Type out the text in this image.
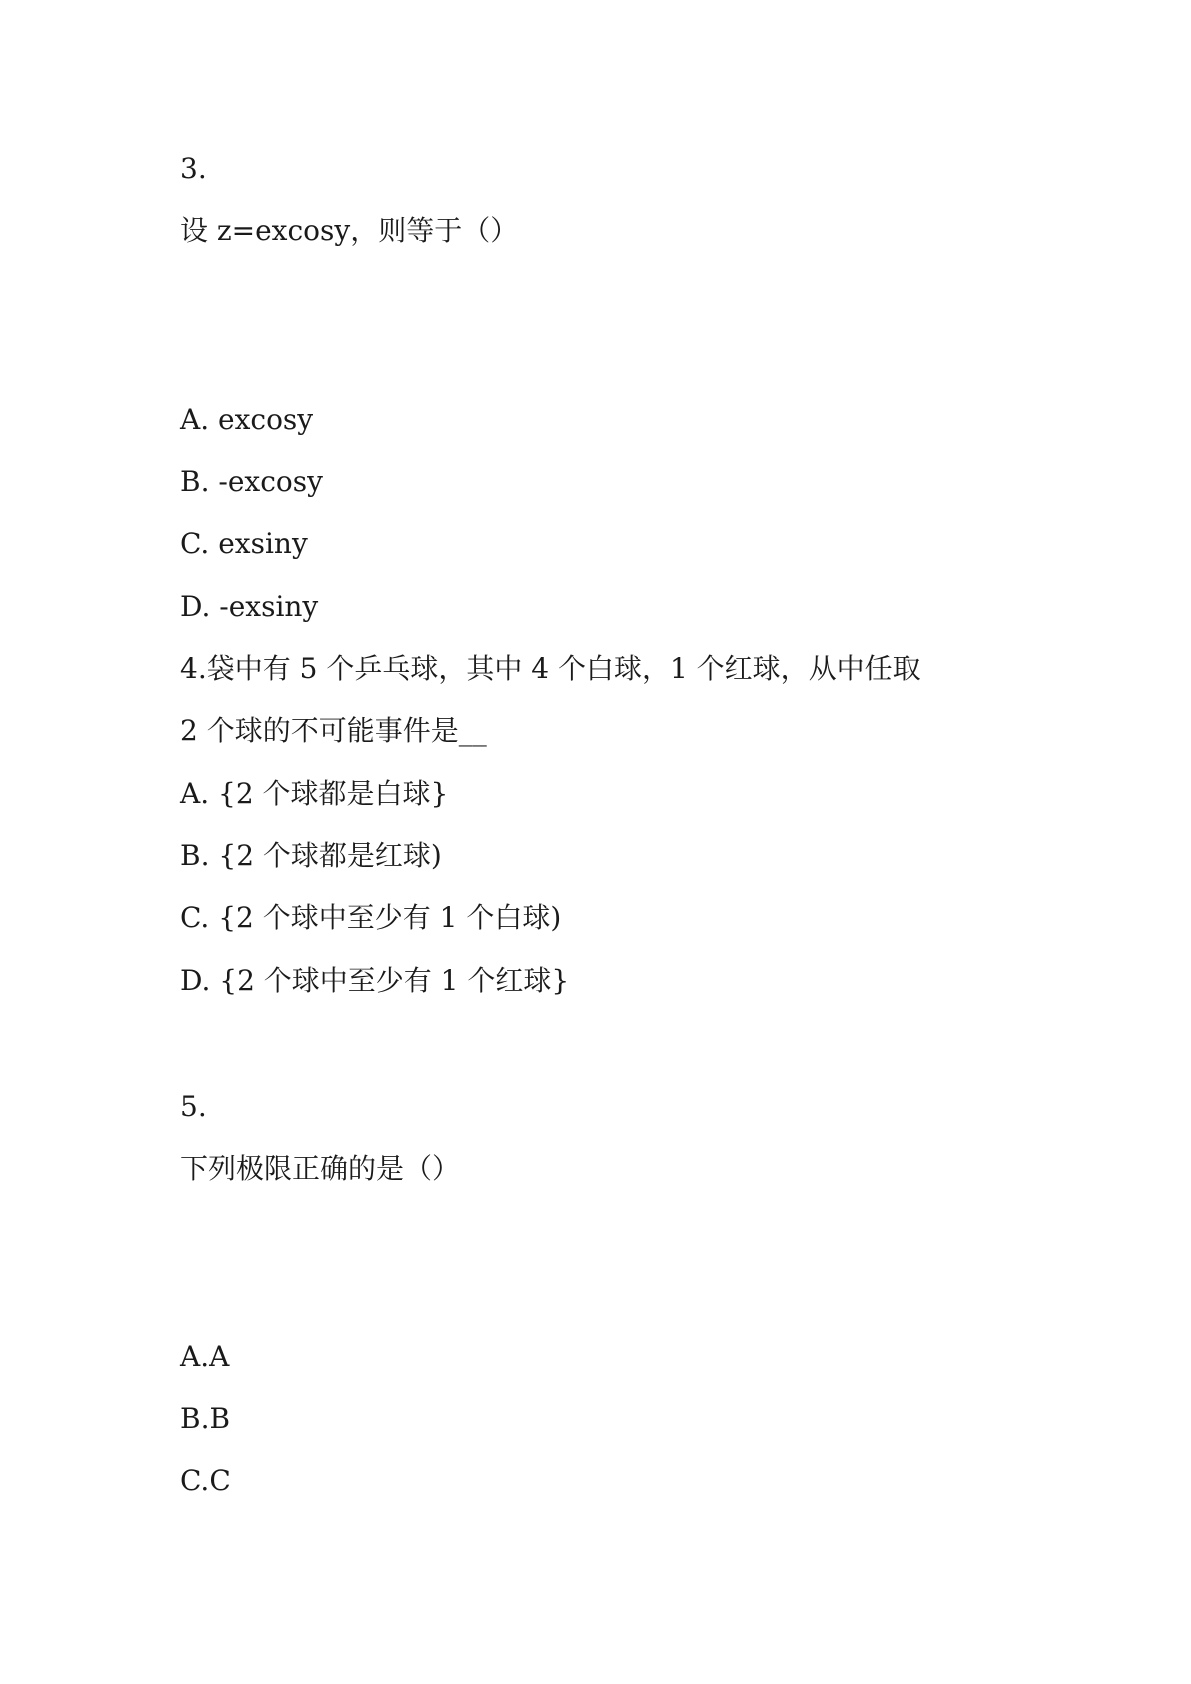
3.
设 z=excosy，则等于（）
A. excosy
B. -excosy
C. exsiny
D. -exsiny
4.袋中有 5 个乒乓球，其中 4 个白球，1 个红球，从中任取
2 个球的不可能事件是__
A. {2 个球都是白球}
B. {2 个球都是红球)
C. {2 个球中至少有 1 个白球)
D. {2 个球中至少有 1 个红球}
5.
下列极限正确的是（）
A.A
B.B
C.C
